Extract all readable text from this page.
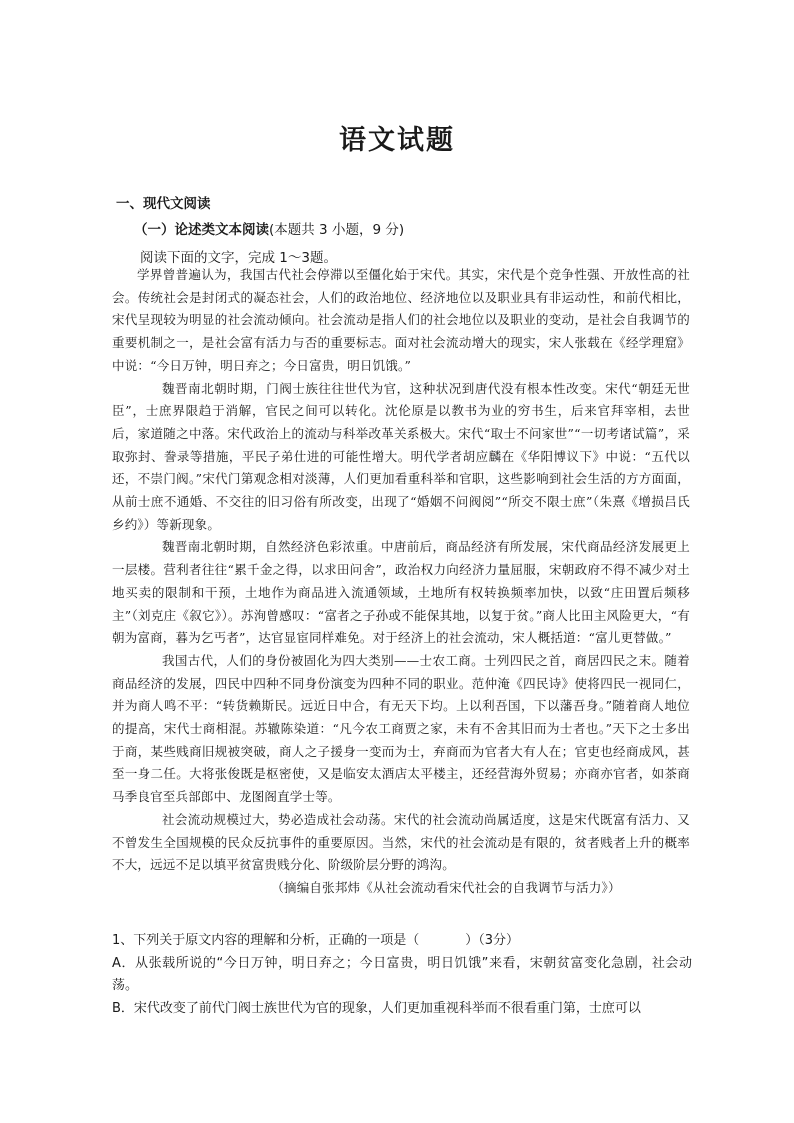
语文试题
一、现代文阅读
（一）论述类文本阅读(本题共 3 小题，9 分)
阅读下面的文字，完成 1～3题。

学界曾普遍认为，我国古代社会停滞以至僵化始于宋代。其实，宋代是个竞争性强、开放性高的社会。传统社会是封闭式的凝态社会，人们的政治地位、经济地位以及职业具有非运动性，和前代相比，宋代呈现较为明显的社会流动倾向。社会流动是指人们的社会地位以及职业的变动，是社会自我调节的重要机制之一，是社会富有活力与否的重要标志。面对社会流动增大的现实，宋人张载在《经学理窟》中说：“今日万钟，明日弃之；今日富贵，明日饥饿。”

魏晋南北朝时期，门阀士族往往世代为官，这种状况到唐代没有根本性改变。宋代“朝廷无世臣”，士庶界限趋于消解，官民之间可以转化。沈伦原是以教书为业的穷书生，后来官拜宰相，去世后，家道随之中落。宋代政治上的流动与科举改革关系极大。宋代“取士不问家世”“一切考诸试篇”，采取弥封、誊录等措施，平民子弟仕进的可能性增大。明代学者胡应麟在《华阳博议下》中说：“五代以还，不崇门阀。”宋代门第观念相对淡薄，人们更加看重科举和官职，这些影响到社会生活的方方面面，从前士庶不通婚、不交往的旧习俗有所改变，出现了“婚姻不问阀阅”“所交不限士庶”（朱熹《增损吕氏乡约》）等新现象。

魏晋南北朝时期，自然经济色彩浓重。中唐前后，商品经济有所发展，宋代商品经济发展更上一层楼。营利者往往“累千金之得，以求田问舍”，政治权力向经济力量屈服，宋朝政府不得不减少对土地买卖的限制和干预，土地作为商品进入流通领域，土地所有权转换频率加快，以致“庄田置后频移主”（刘克庄《叙它》）。苏洵曾感叹：“富者之子孙或不能保其地，以复于贫。”商人比田主风险更大，“有朝为富商，暮为乞丐者”，达官显宦同样难免。对于经济上的社会流动，宋人概括道：“富儿更替做。”

我国古代，人们的身份被固化为四大类别——士农工商。士列四民之首，商居四民之末。随着商品经济的发展，四民中四种不同身份演变为四种不同的职业。范仲淹《四民诗》使将四民一视同仁，并为商人鸣不平：“转货赖斯民。远近日中合，有无天下均。上以利吾国，下以藩吾身。”随着商人地位的提高，宋代士商相混。苏辙陈染道：“凡今农工商贾之家，未有不舍其旧而为士者也。”天下之士多出于商，某些贱商旧规被突破，商人之子援身一变而为士，弃商而为官者大有人在；官吏也经商成风，甚至一身二任。大将张俊既是枢密使，又是临安太酒店太平楼主，还经营海外贸易；亦商亦官者，如茶商马季良官至兵部郎中、龙图阁直学士等。

社会流动规模过大，势必造成社会动荡。宋代的社会流动尚属适度，这是宋代既富有活力、又不曾发生全国规模的民众反抗事件的重要原因。当然，宋代的社会流动是有限的，贫者贱者上升的概率不大，远远不足以填平贫富贵贱分化、阶级阶层分野的鸿沟。

（摘编自张邦炜《从社会流动看宋代社会的自我调节与活力》）

1、下列关于原文内容的理解和分析，正确的一项是（	）（3分）

A．从张载所说的“今日万钟，明日弃之；今日富贵，明日饥饿”来看，宋朝贫富变化急剧，社会动荡。

B．宋代改变了前代门阀士族世代为官的现象，人们更加重视科举而不很看重门第，士庶可以
